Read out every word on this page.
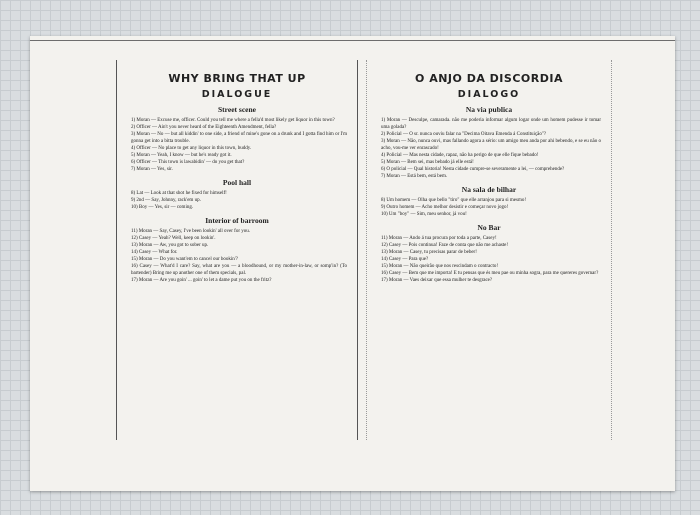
WHY BRING THAT UP
DIALOGUE
Street scene
1) Moran — Excuse me, officer. Could you tell me where a fella'd most likely get liquor in this town?
2) Officer — Ain't you never heard of the Eighteenth Amendment, fella?
3) Moran — No — but all kiddin' to one side, a friend of mine's gone on a drunk and I gotta find him or I'm gonna get into a bitta trouble.
4) Officer — No place to get any liquor in this town, buddy.
5) Moran — Yeah, I know — but he's ready got it.
6) Officer — This town is lawabidin' — do you get that?
7) Moran — Yes, sir.
Pool hall
8) Lat — Look at that shot he fixed for himself!
9) 2nd — Say, Johnny, rack'em up.
10) Boy — Yes, sir — coming.
Interior of barroom
11) Moran — Say, Casey, I've been lookin' all over for you.
12) Casey — Yeah? Well, keep on lookin'.
13) Moran — Aw, you got to sober up.
14) Casey — What for.
15) Moran — Do you want'em to cancel our bookin'?
16) Casey — What'd I care? Say, what are you — a bloodhound, or my mother-in-law, or somp'in? (To bartender) Bring me up another one of them specials, pal.
17) Moran — Are you goin' ... goin' to let a dame put you on the fritz?
O ANJO DA DISCORDIA
DIALOGO
Na via publica
1) Moran — Desculpe, camarada. não me poderia informar algum logar onde um homem pudesse ir tomar uma golada?
2) Policial — O sr. nunca ouviu falar na "Decima Oitava Emenda á Constituição"?
3) Moran — Não, nunca ouvi, mas fallando agora a sério: um amigo meu anda por ahi bebendo, e se eu não o acho, vou-me ver enrascado!
4) Policial — Mas nesta cidade, rapaz, não ha perigo de que elle fique bebado!
5) Moran — Bem sei, mas bebado já elle está!
6) O policial — Qual historia! Nesta cidade cumpre-se severamente a lei, — comprehende?
7) Moran — Está bem, está bem.
Na sala de bilhar
8) Um homem — Olha que bello "tiro" que elle arranjou para si mesmo!
9) Outro homem — Acho melhor desistir e começar novo jogo!
10) Um "boy" — Sim, meu senhor, já vou!
No Bar
11) Moran — Ando á tua procura por toda a parte, Casey!
12) Casey — Pois continua! Faze de conta que não me achaste!
13) Moran — Casey, tu precisas parar de beber!
14) Casey — Para que?
15) Moran — Não queirão que nos rescindam o contracto!
16) Casey — Bem que me importa! E tu pensas que és meu pae ou minha sogra, para me quereres governar?
17) Moran — Vaes deixar que essa mulher te desgrace?
